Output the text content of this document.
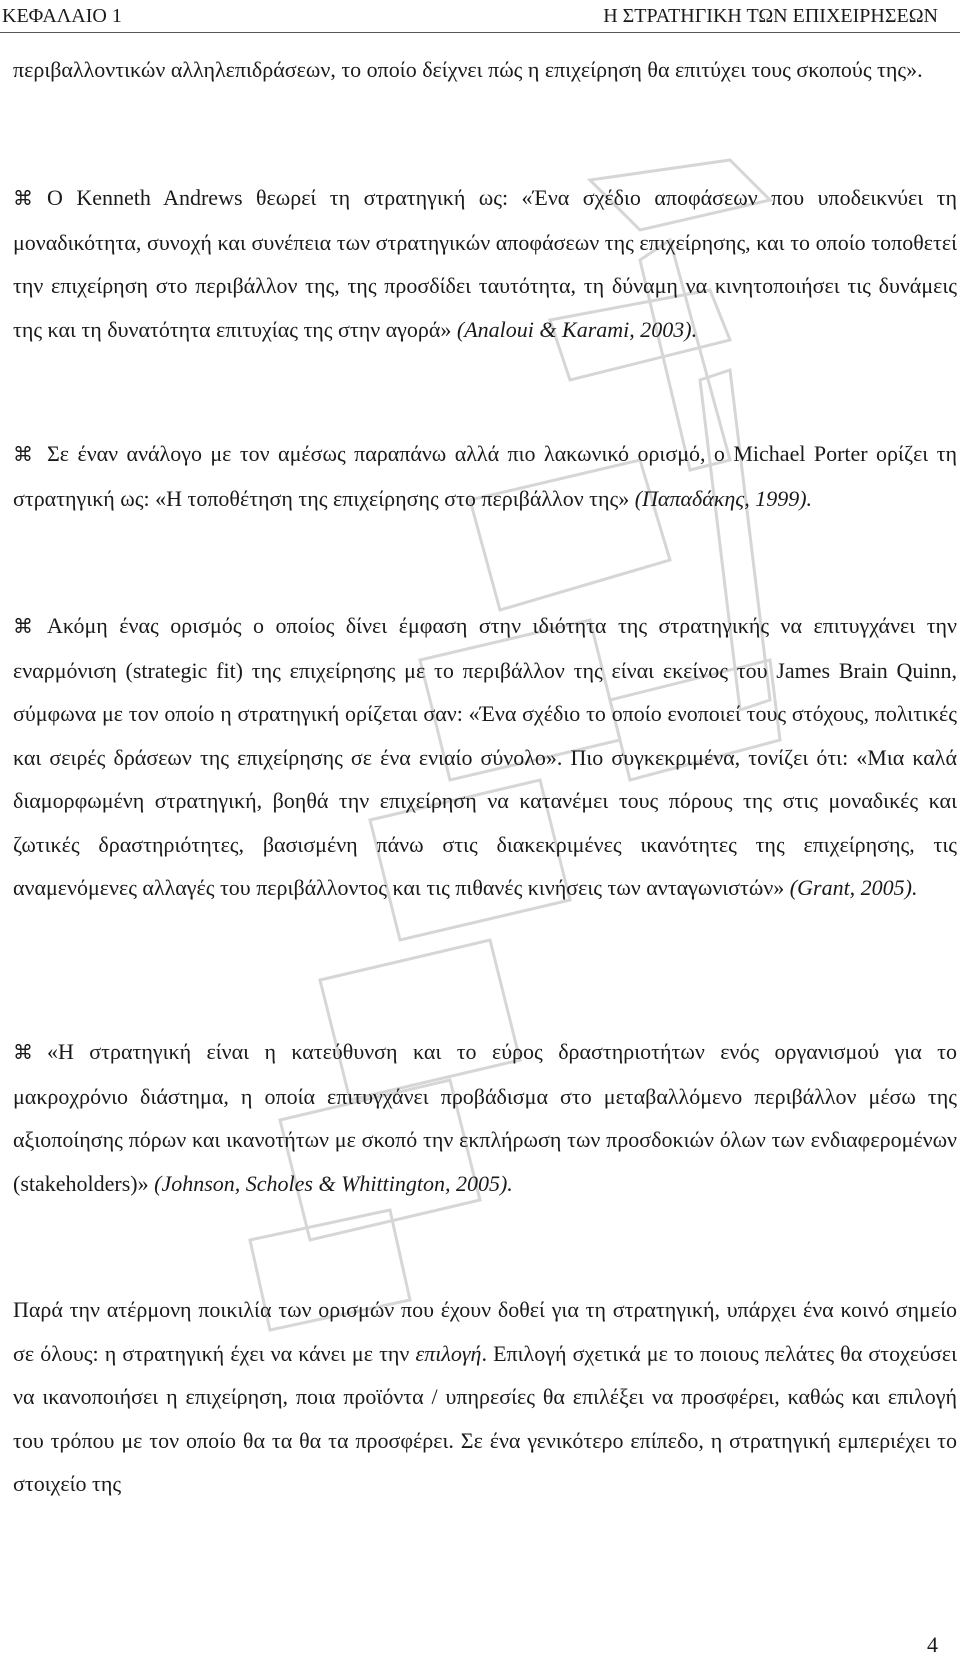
ΚΕΦΑΛΑΙΟ 1	Η ΣΤΡΑΤΗΓΙΚΗ ΤΩΝ ΕΠΙΧΕΙΡΗΣΕΩΝ

περιβαλλοντικών αλληλεπιδράσεων, το οποίο δείχνει πώς η επιχείρηση θα επιτύχει τους σκοπούς της».

⌘ Ο Kenneth Andrews θεωρεί τη στρατηγική ως: «Ένα σχέδιο αποφάσεων που υποδεικνύει τη μοναδικότητα, συνοχή και συνέπεια των στρατηγικών αποφάσεων της επιχείρησης, και το οποίο τοποθετεί την επιχείρηση στο περιβάλλον της, της προσδίδει ταυτότητα, τη δύναμη να κινητοποιήσει τις δυνάμεις της και τη δυνατότητα επιτυχίας της στην αγορά» (Analoui & Karami, 2003).

⌘ Σε έναν ανάλογο με τον αμέσως παραπάνω αλλά πιο λακωνικό ορισμό, ο Michael Porter ορίζει τη στρατηγική ως: «Η τοποθέτηση της επιχείρησης στο περιβάλλον της» (Παπαδάκης, 1999).

⌘ Ακόμη ένας ορισμός ο οποίος δίνει έμφαση στην ιδιότητα της στρατηγικής να επιτυγχάνει την εναρμόνιση (strategic fit) της επιχείρησης με το περιβάλλον της είναι εκείνος του James Brain Quinn, σύμφωνα με τον οποίο η στρατηγική ορίζεται σαν: «Ένα σχέδιο το οποίο ενοποιεί τους στόχους, πολιτικές και σειρές δράσεων της επιχείρησης σε ένα ενιαίο σύνολο». Πιο συγκεκριμένα, τονίζει ότι: «Μια καλά διαμορφωμένη στρατηγική, βοηθά την επιχείρηση να κατανέμει τους πόρους της στις μοναδικές και ζωτικές δραστηριότητες, βασισμένη πάνω στις διακεκριμένες ικανότητες της επιχείρησης, τις αναμενόμενες αλλαγές του περιβάλλοντος και τις πιθανές κινήσεις των ανταγωνιστών» (Grant, 2005).

⌘ «Η στρατηγική είναι η κατεύθυνση και το εύρος δραστηριοτήτων ενός οργανισμού για το μακροχρόνιο διάστημα, η οποία επιτυγχάνει προβάδισμα στο μεταβαλλόμενο περιβάλλον μέσω της αξιοποίησης πόρων και ικανοτήτων με σκοπό την εκπλήρωση των προσδοκιών όλων των ενδιαφερομένων (stakeholders)» (Johnson, Scholes & Whittington, 2005).

Παρά την ατέρμονη ποικιλία των ορισμών που έχουν δοθεί για τη στρατηγική, υπάρχει ένα κοινό σημείο σε όλους: η στρατηγική έχει να κάνει με την επιλογή. Επιλογή σχετικά με το ποιους πελάτες θα στοχεύσει να ικανοποιήσει η επιχείρηση, ποια προϊόντα / υπηρεσίες θα επιλέξει να προσφέρει, καθώς και επιλογή του τρόπου με τον οποίο θα τα θα τα προσφέρει. Σε ένα γενικότερο επίπεδο, η στρατηγική εμπεριέχει το στοιχείο της

4
